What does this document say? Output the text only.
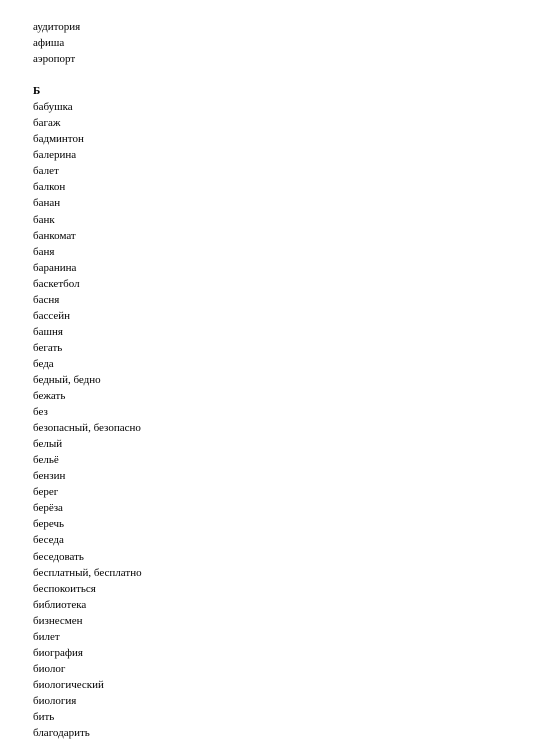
аудитория
афиша
аэропорт
Б
бабушка
багаж
бадминтон
балерина
балет
балкон
банан
банк
банкомат
баня
баранина
баскетбол
басня
бассейн
башня
бегать
беда
бедный, бедно
бежать
без
безопасный, безопасно
белый
бельё
бензин
берег
берёза
беречь
беседа
беседовать
бесплатный, бесплатно
беспокоиться
библиотека
бизнесмен
билет
биография
биолог
биологический
биология
бить
благодарить
